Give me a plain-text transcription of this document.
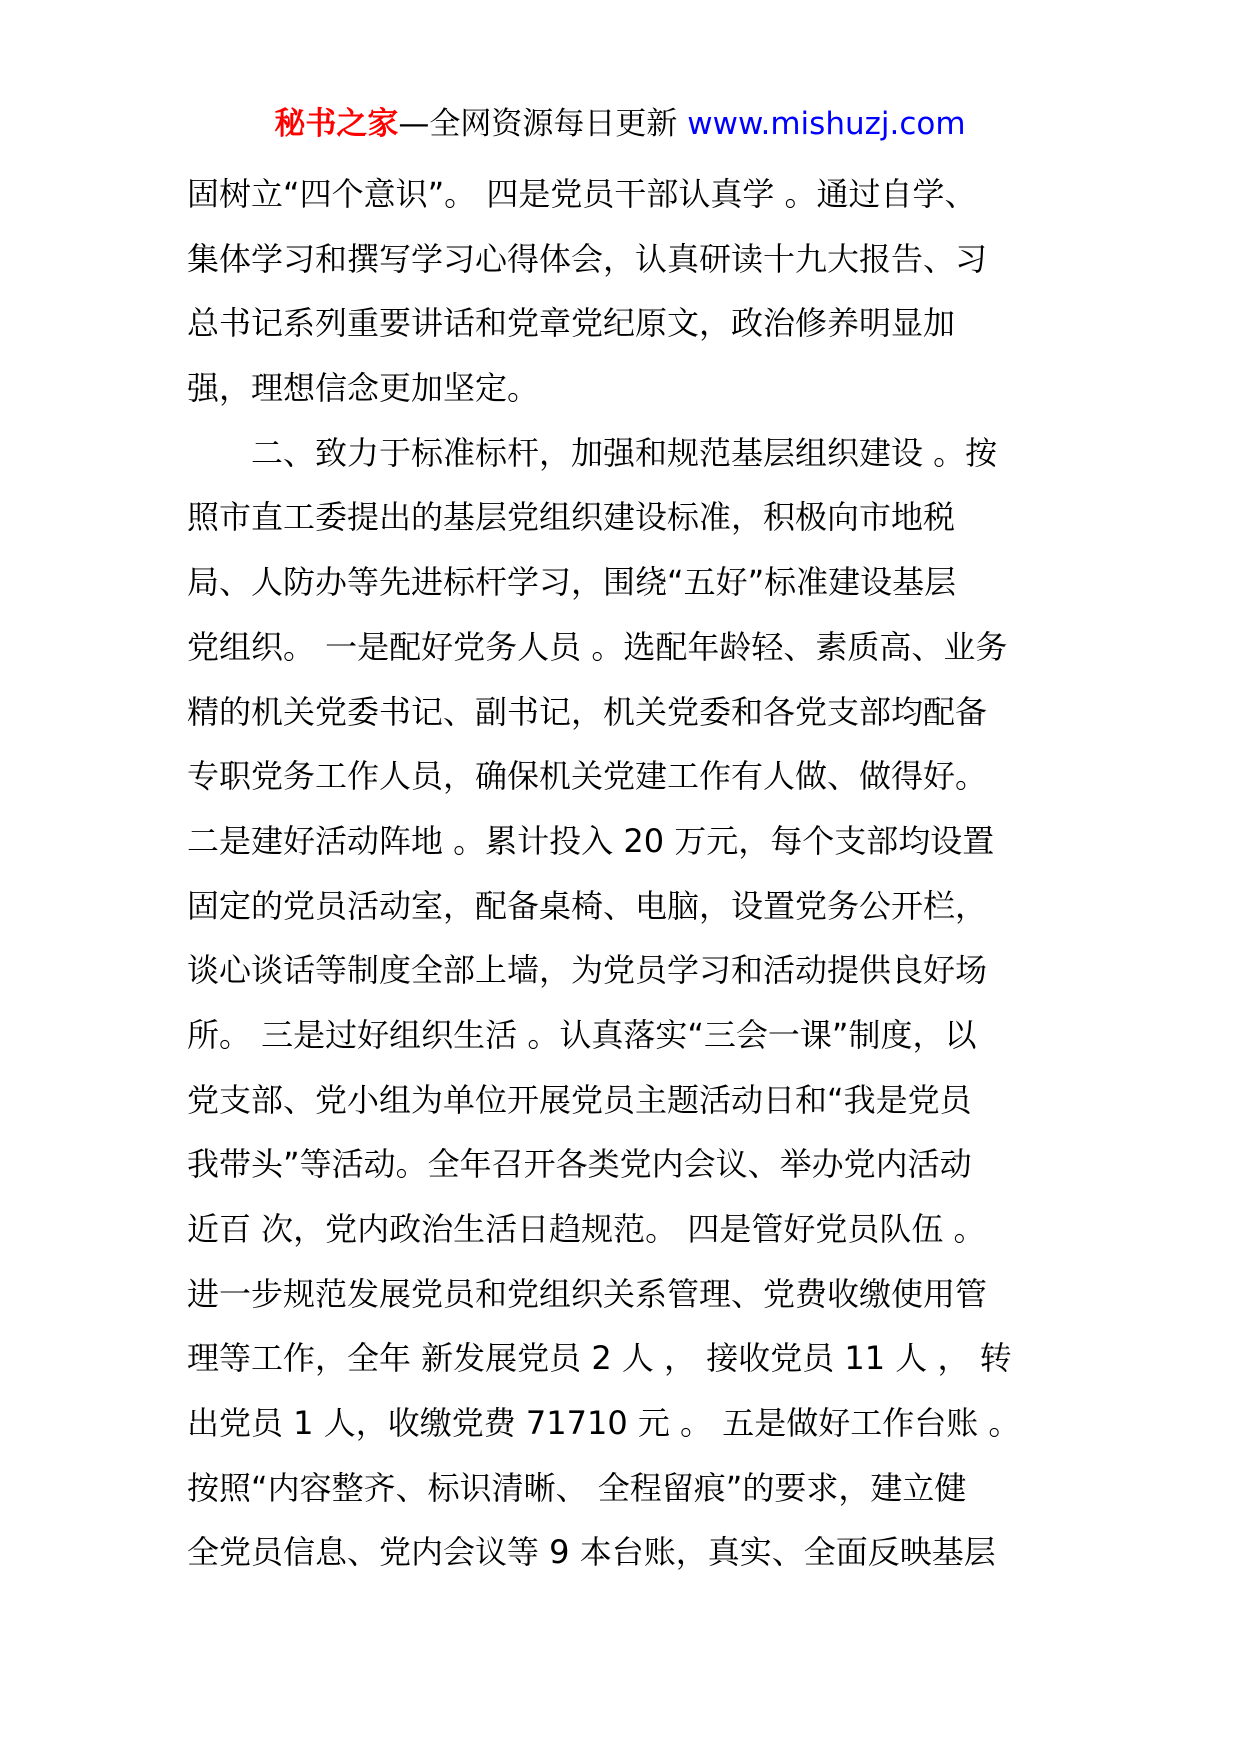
秘书之家—全网资源每日更新 www.mishuzj.com
固树立“四个意识”。 四是党员干部认真学 。通过自学、
集体学习和撰写学习心得体会，认真研读十九大报告、习
总书记系列重要讲话和党章党纪原文，政治修养明显加
强，理想信念更加坚定。
二、致力于标准标杆，加强和规范基层组织建设 。按
照市直工委提出的基层党组织建设标准，积极向市地税
局、人防办等先进标杆学习，围绕“五好”标准建设基层
党组织。 一是配好党务人员 。选配年龄轻、素质高、业务
精的机关党委书记、副书记，机关党委和各党支部均配备
专职党务工作人员，确保机关党建工作有人做、做得好。
二是建好活动阵地 。累计投入 20 万元，每个支部均设置
固定的党员活动室，配备桌椅、电脑，设置党务公开栏，
谈心谈话等制度全部上墙，为党员学习和活动提供良好场
所。 三是过好组织生活 。认真落实“三会一课”制度，以
党支部、党小组为单位开展党员主题活动日和“我是党员
我带头”等活动。全年召开各类党内会议、举办党内活动
近百 次，党内政治生活日趋规范。 四是管好党员队伍 。
进一步规范发展党员和党组织关系管理、党费收缴使用管
理等工作，全年 新发展党员 2 人 ， 接收党员 11 人 ， 转
出党员 1 人，收缴党费 71710 元 。 五是做好工作台账 。
按照“内容整齐、标识清晰、 全程留痕”的要求，建立健
全党员信息、党内会议等 9 本台账，真实、全面反映基层
